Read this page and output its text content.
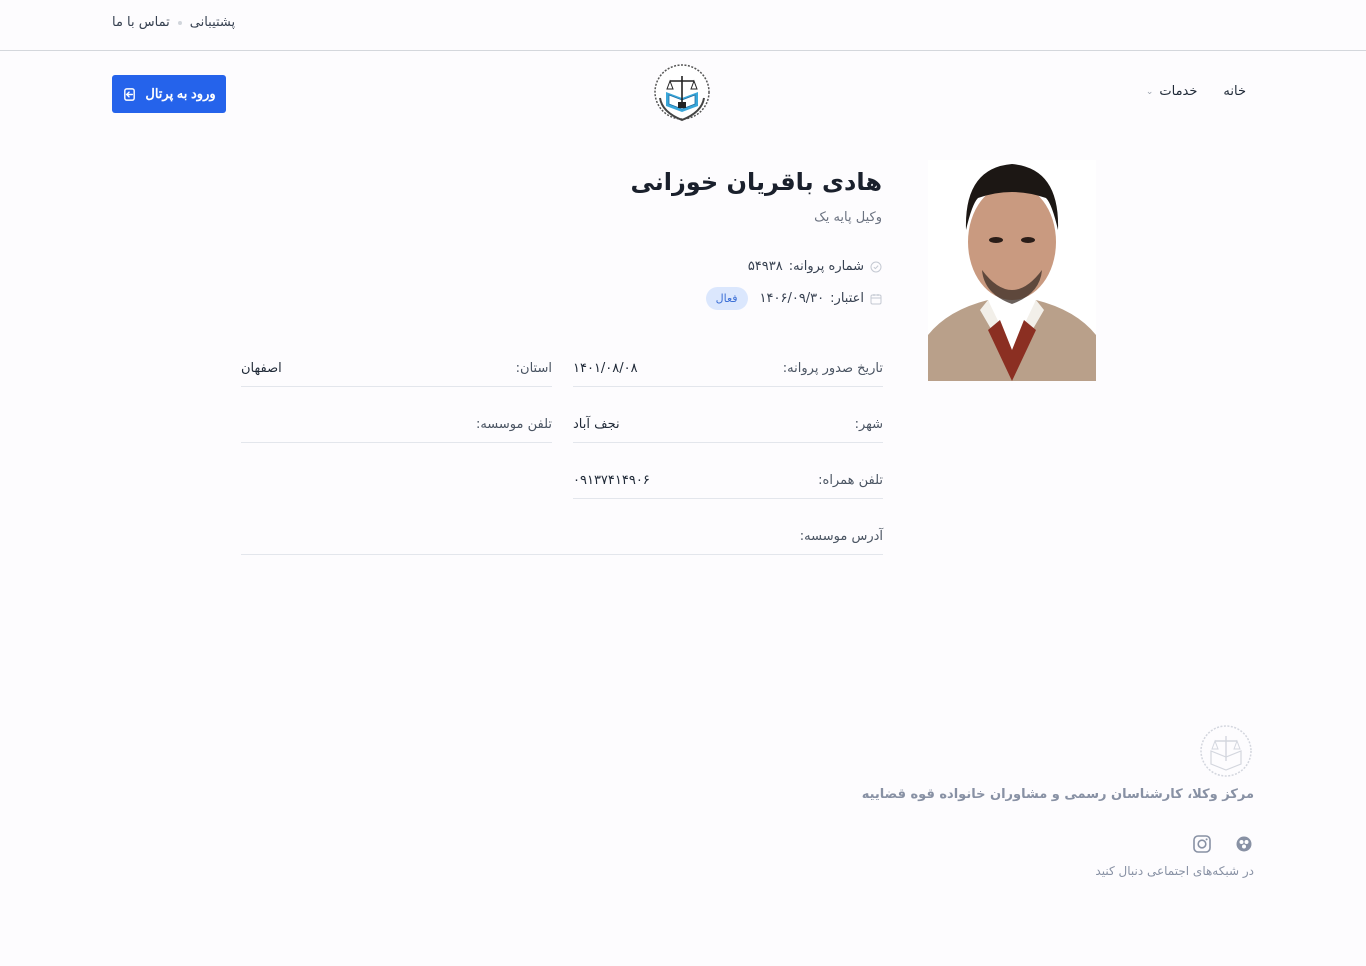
پشتیبانی
تماس با ما
خانه
خدمات
⌄
ورود به پرتال
هادی باقریان خوزانی
وکیل پایه یک
شماره پروانه:
۵۴۹۳۸
اعتبار:
۱۴۰۶/۰۹/۳۰
فعال
تاریخ صدور پروانه:
۱۴۰۱/۰۸/۰۸
استان:
اصفهان
شهر:
نجف آباد
تلفن موسسه:
تلفن همراه:
۰۹۱۳۷۴۱۴۹۰۶
آدرس موسسه:
مرکز وکلا، کارشناسان رسمی و مشاوران خانواده قوه قضاییه
در شبکه‌های اجتماعی دنبال کنید
